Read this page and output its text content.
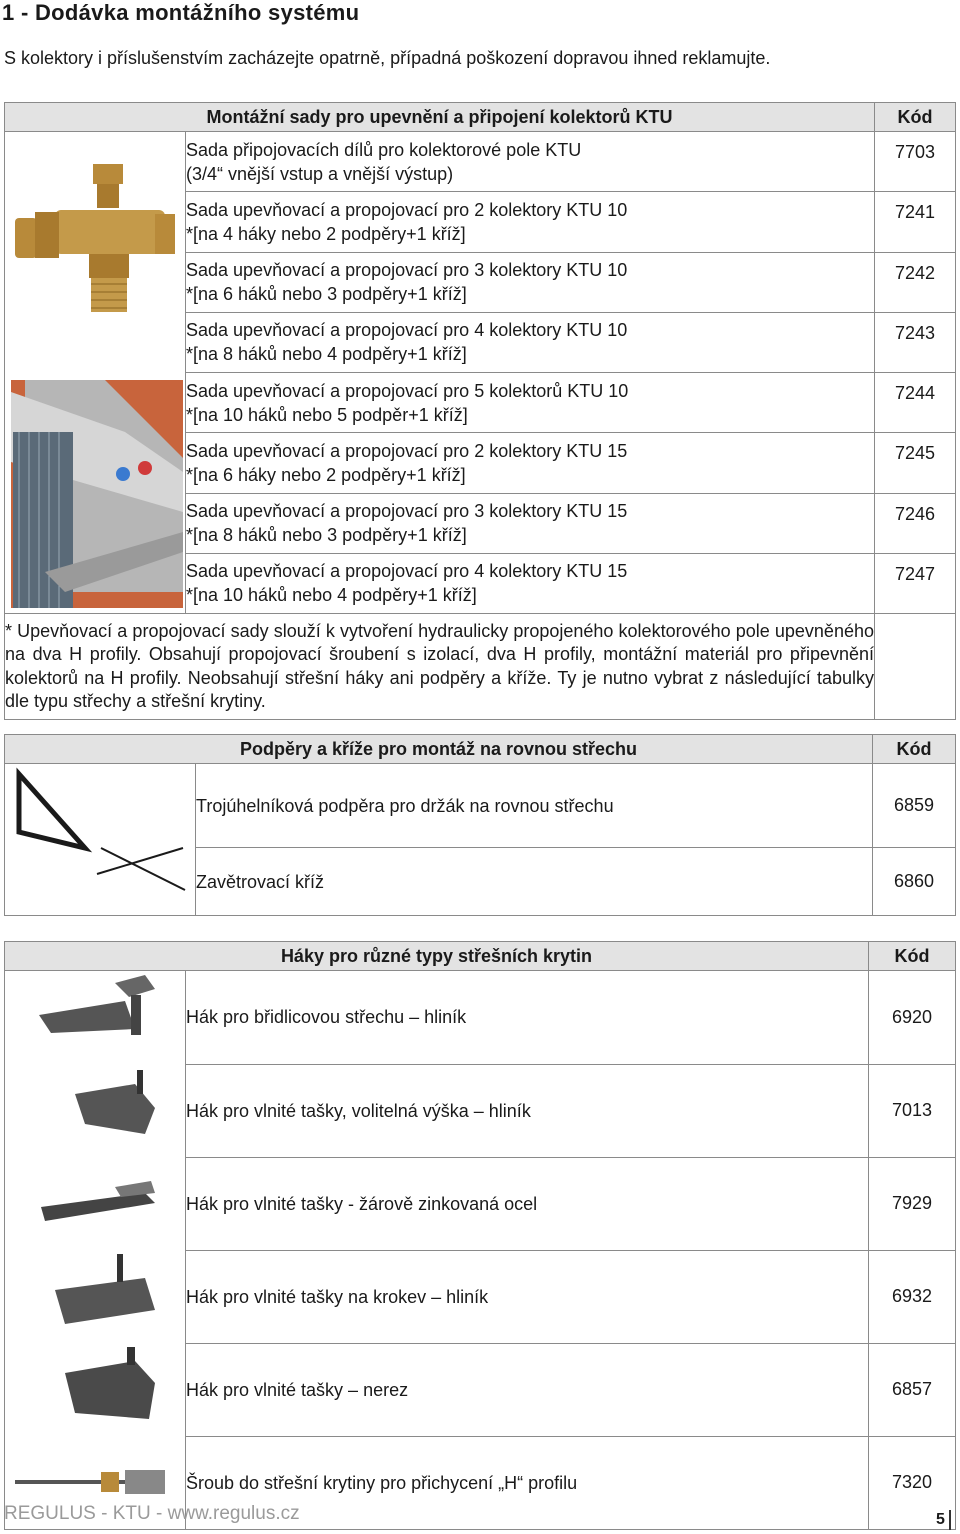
1 - Dodávka montážního systému
S kolektory i příslušenstvím zacházejte opatrně, případná poškození dopravou ihned reklamujte.
Montážní sady pro upevnění a připojení kolektorů KTU		Kód

Sada připojovacích dílů pro kolektorové pole KTU
(3/4“ vnější vstup a vnější výstup)	7703

	Sada upevňovací a propojovací pro 2 kolektory KTU 10
*[na 4 háky nebo 2 podpěry+1 kříž]	7241

	Sada upevňovací a propojovací pro 3 kolektory KTU 10
*[na 6 háků nebo 3 podpěry+1 kříž]	7242

	Sada upevňovací a propojovací pro 4 kolektory KTU 10
*[na 8 háků nebo 4 podpěry+1 kříž]	7243

	Sada upevňovací a propojovací pro 5 kolektorů KTU 10
*[na 10 háků nebo 5 podpěr+1 kříž]	7244

	Sada upevňovací a propojovací pro 2 kolektory KTU 15
*[na 6 háky nebo 2 podpěry+1 kříž]	7245

	Sada upevňovací a propojovací pro 3 kolektory KTU 15
*[na 8 háků nebo 3 podpěry+1 kříž]	7246

	Sada upevňovací a propojovací pro 4 kolektory KTU 15
*[na 10 háků nebo 4 podpěry+1 kříž]	7247
* Upevňovací a propojovací sady slouží k vytvoření hydraulicky propojeného kolektorového pole upevněného na dva H profily. Obsahují propojovací šroubení s izolací, dva H profily, montážní materiál pro připevnění kolektorů na H profily. Neobsahují střešní háky ani podpěry a kříže. Ty je nutno vybrat z následující tabulky dle typu střechy a střešní krytiny.		
Podpěry a kříže pro montáž na rovnou střechu		Kód
	Trojúhelníková podpěra pro držák na rovnou střechu	6859
	Zavětrovací kříž	6860
Háky pro různé typy střešních krytin		Kód
	Hák pro břidlicovou střechu – hliník	6920
	Hák pro vlnité tašky, volitelná výška – hliník	7013
	Hák pro vlnité tašky - žárově zinkovaná ocel	7929
	Hák pro vlnité tašky na krokev – hliník	6932
	Hák pro vlnité tašky – nerez	6857
	Šroub do střešní krytiny pro přichycení „H“ profilu	7320
REGULUS - KTU - www.regulus.cz	5
